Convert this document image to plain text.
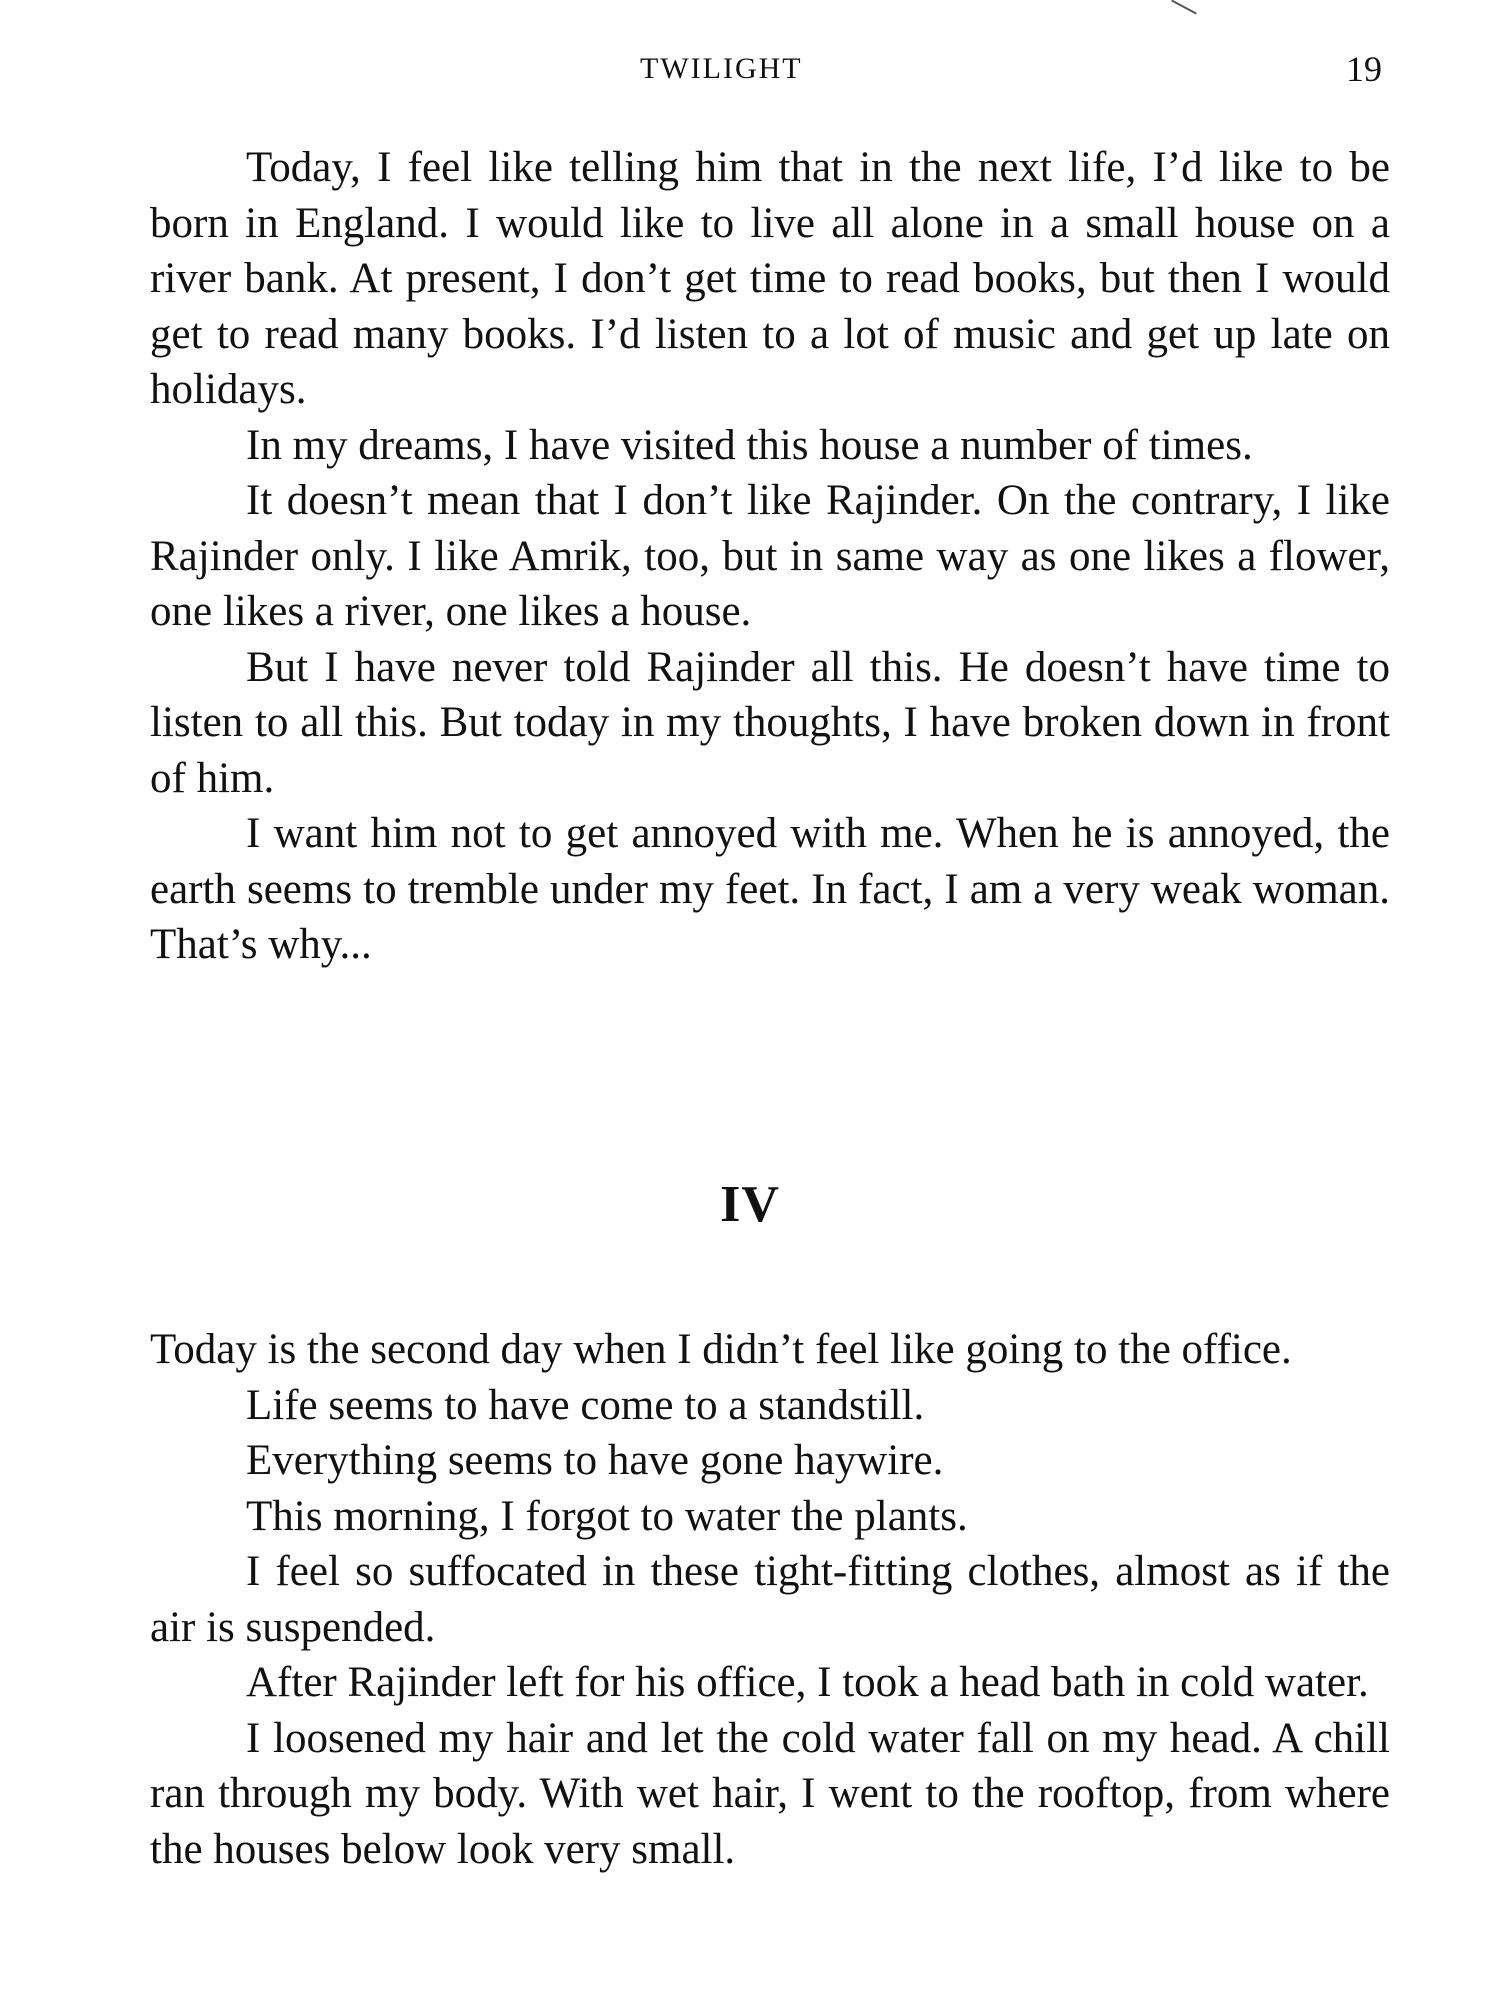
TWILIGHT	19

Today, I feel like telling him that in the next life, I’d like to be born in England. I would like to live all alone in a small house on a river bank. At present, I don’t get time to read books, but then I would get to read many books. I’d listen to a lot of music and get up late on holidays.

In my dreams, I have visited this house a number of times.

It doesn’t mean that I don’t like Rajinder. On the contrary, I like Rajinder only. I like Amrik, too, but in same way as one likes a flower, one likes a river, one likes a house.

But I have never told Rajinder all this. He doesn’t have time to listen to all this. But today in my thoughts, I have broken down in front of him.

I want him not to get annoyed with me. When he is annoyed, the earth seems to tremble under my feet. In fact, I am a very weak woman. That’s why...

IV

Today is the second day when I didn’t feel like going to the office.

Life seems to have come to a standstill.

Everything seems to have gone haywire.

This morning, I forgot to water the plants.

I feel so suffocated in these tight-fitting clothes, almost as if the air is suspended.

After Rajinder left for his office, I took a head bath in cold water.

I loosened my hair and let the cold water fall on my head. A chill ran through my body. With wet hair, I went to the rooftop, from where the houses below look very small.
